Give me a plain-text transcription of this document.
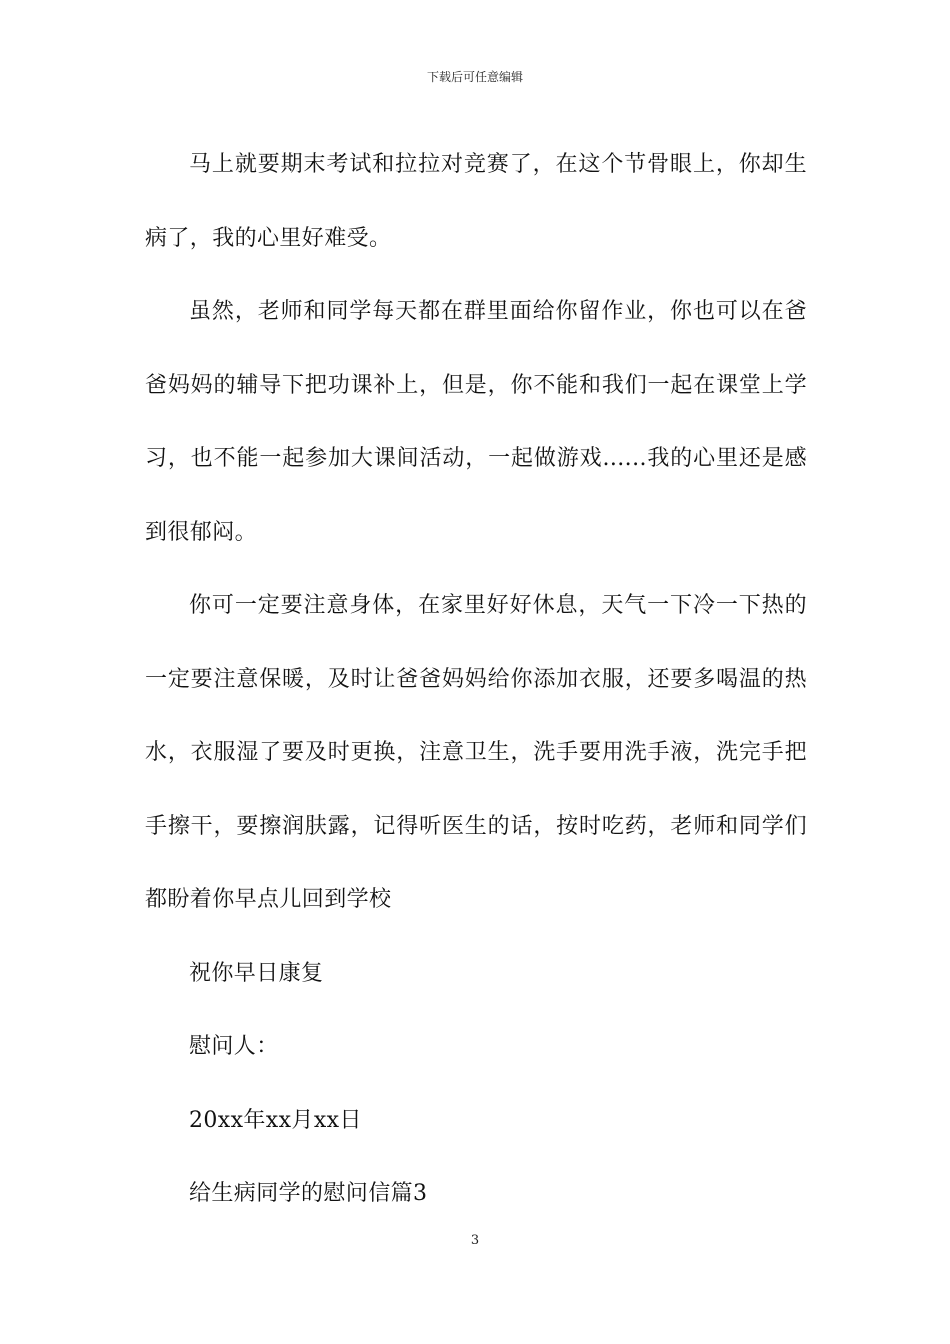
下载后可任意编辑

马上就要期末考试和拉拉对竞赛了，在这个节骨眼上，你却生病了，我的心里好难受。

虽然，老师和同学每天都在群里面给你留作业，你也可以在爸爸妈妈的辅导下把功课补上，但是，你不能和我们一起在课堂上学习，也不能一起参加大课间活动，一起做游戏......我的心里还是感到很郁闷。

你可一定要注意身体，在家里好好休息，天气一下冷一下热的一定要注意保暖，及时让爸爸妈妈给你添加衣服，还要多喝温的热水，衣服湿了要及时更换，注意卫生，洗手要用洗手液，洗完手把手擦干，要擦润肤露，记得听医生的话，按时吃药，老师和同学们都盼着你早点儿回到学校

祝你早日康复

慰问人：

20xx年xx月xx日

给生病同学的慰问信篇3

3
